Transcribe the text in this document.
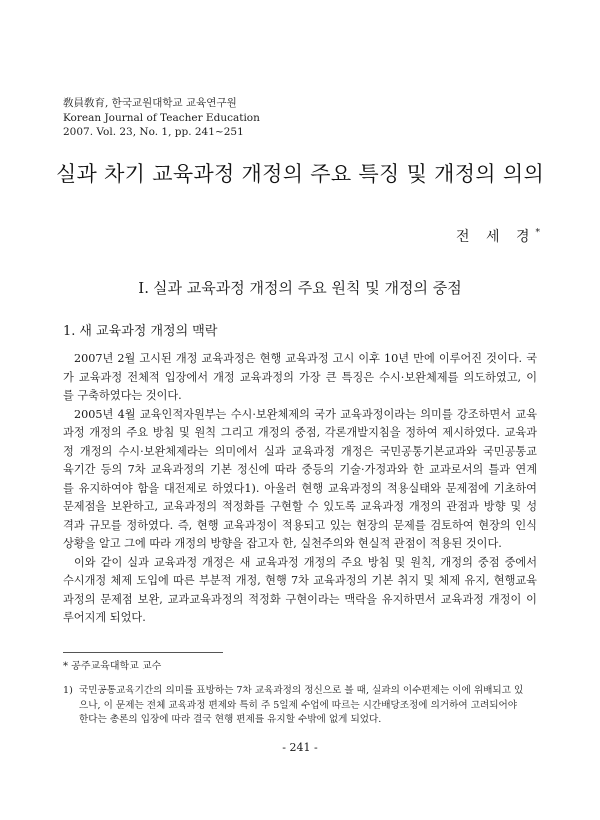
敎員敎育, 한국교원대학교 교육연구원
Korean Journal of Teacher Education
2007. Vol. 23, No. 1, pp. 241~251
실과 차기 교육과정 개정의 주요 특징 및 개정의 의의
전 세 경*
Ⅰ. 실과 교육과정 개정의 주요 원칙 및 개정의 중점
1. 새 교육과정 개정의 맥락
2007년 2월 고시된 개정 교육과정은 현행 교육과정 고시 이후 10년 만에 이루어진 것이다. 국
가 교육과정 전체적 입장에서 개정 교육과정의 가장 큰 특징은 수시·보완체제를 의도하였고, 이
를 구축하였다는 것이다.
2005년 4월 교육인적자원부는 수시·보완체제의 국가 교육과정이라는 의미를 강조하면서 교육
과정 개정의 주요 방침 및 원칙 그리고 개정의 중점, 각론개발지침을 정하여 제시하였다. 교육과
정 개정의 수시·보완체제라는 의미에서 실과 교육과정 개정은 국민공통기본교과와 국민공통교
육기간 등의 7차 교육과정의 기본 정신에 따라 중등의 기술·가정과와 한 교과로서의 틀과 연계
를 유지하여야 함을 대전제로 하였다1). 아울러 현행 교육과정의 적용실태와 문제점에 기초하여
문제점을 보완하고, 교육과정의 적정화를 구현할 수 있도록 교육과정 개정의 관점과 방향 및 성
격과 규모를 정하였다. 즉, 현행 교육과정이 적용되고 있는 현장의 문제를 검토하여 현장의 인식
상황을 알고 그에 따라 개정의 방향을 잡고자 한, 실천주의와 현실적 관점이 적용된 것이다.
이와 같이 실과 교육과정 개정은 새 교육과정 개정의 주요 방침 및 원칙, 개정의 중점 중에서
수시개정 체제 도입에 따른 부분적 개정, 현행 7차 교육과정의 기본 취지 및 체제 유지, 현행교육
과정의 문제점 보완, 교과교육과정의 적정화 구현이라는 맥락을 유지하면서 교육과정 개정이 이
루어지게 되었다.
* 공주교육대학교 교수
1) 국민공통교육기간의 의미를 표방하는 7차 교육과정의 정신으로 볼 때, 실과의 이수편제는 이에 위배되고 있
으나, 이 문제는 전체 교육과정 편제와 특히 주 5일제 수업에 따르는 시간배당조정에 의거하여 고려되어야
한다는 총론의 입장에 따라 결국 현행 편제를 유지할 수밖에 없게 되었다.
- 241 -
